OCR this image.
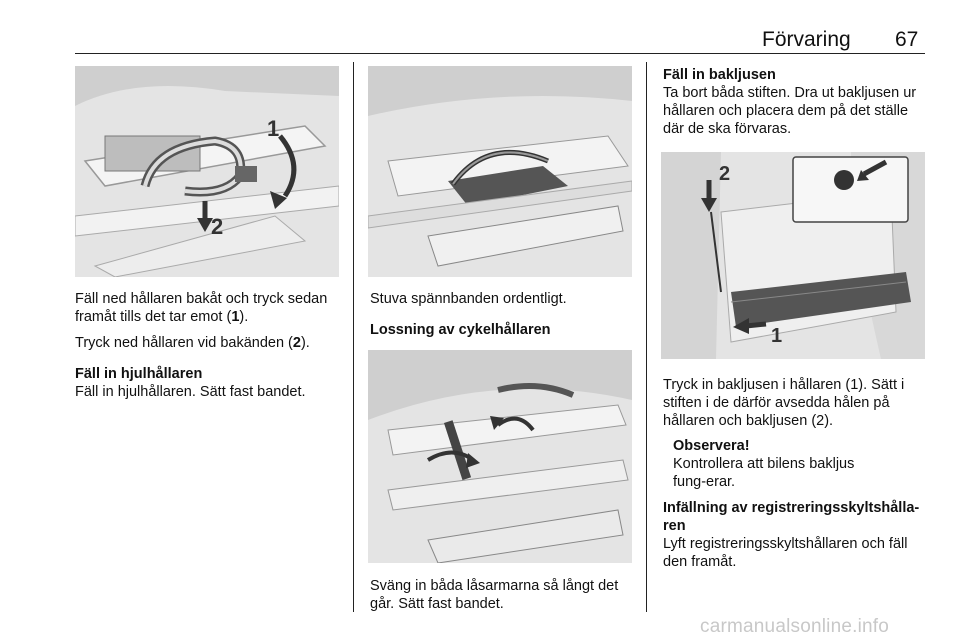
Förvaring 67
1
2
Fäll ned hållaren bakåt och tryck sedan framåt tills det tar emot (1).
Tryck ned hållaren vid bakänden (2).
Fäll in hjulhållaren
Fäll in hjulhållaren. Sätt fast bandet.
Stuva spännbanden ordentligt.
Lossning av cykelhållaren
Sväng in båda låsarmarna så långt det går. Sätt fast bandet.
Fäll in bakljusen
Ta bort båda stiften. Dra ut bakljusen ur hållaren och placera dem på det ställe där de ska förvaras.
2
1
Tryck in bakljusen i hållaren (1). Sätt i stiften i de därför avsedda hålen på hållaren och bakljusen (2).
Observera!
Kontrollera att bilens bakljus fung-erar.
Infällning av registreringsskyltshålla-ren
Lyft registreringsskyltshållaren och fäll den framåt.
carmanualsonline.info
